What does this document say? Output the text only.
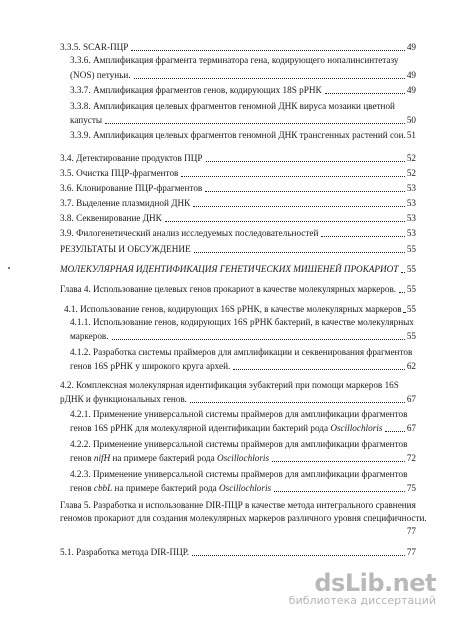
3.3.5. SCAR-ПЦР	49
3.3.6. Амплификация фрагмента терминатора гена, кодирующего нопалинсинтетазу
(NOS) петуньи.	49
3.3.7. Амплификация фрагментов генов, кодирующих 18S рРНК	49
3.3.8. Амплификация целевых фрагментов геномной ДНК вируса мозаики цветной
капусты	50
3.3.9. Амплификация целевых фрагментов геномной ДНК трансгенных растений сои. 51
3.4. Детектирование продуктов ПЦР	52
3.5. Очистка ПЦР-фрагментов	52
3.6. Клонирование ПЦР-фрагментов	53
3.7. Выделение плазмидной ДНК	53
3.8. Секвенирование ДНК	53
3.9. Филогенетический анализ исследуемых последовательностей	53
РЕЗУЛЬТАТЫ И ОБСУЖДЕНИЕ	55
МОЛЕКУЛЯРНАЯ ИДЕНТИФИКАЦИЯ ГЕНЕТИЧЕСКИХ МИШЕНЕЙ ПРОКАРИОТ 55
Глава 4. Использование целевых генов прокариот в качестве молекулярных маркеров. 55
4.1. Использование генов, кодирующих 16S рРНК, в качестве молекулярных маркеров 55
4.1.1. Использование генов, кодирующих 16S рРНК бактерий, в качестве молекулярных
маркеров.	55
4.1.2. Разработка системы праймеров для амплификации и секвенирования фрагментов
генов 16S рРНК у широкого круга архей.	62
4.2. Комплексная молекулярная идентификация эубактерий при помощи маркеров 16S
рДНК и функциональных генов.	67
4.2.1. Применение универсальной системы праймеров для амплификации фрагментов
генов 16S рРНК для молекулярной идентификации бактерий рода Oscillochloris	67
4.2.2. Применение универсальной системы праймеров для амплификации фрагментов
генов nifH на примере бактерий рода Oscillochloris	72
4.2.3. Применение универсальной системы праймеров для амплификации фрагментов
генов cbbL на примере бактерий рода Oscillochloris	75
Глава 5. Разработка и использование DIR-ПЦР в качестве метода интегрального сравнения
геномов прокариот для создания молекулярных маркеров различного уровня специфичности.
77
5.1. Разработка метода DIR-ПЦР.	77
dsLib.net
библиотека диссертаций
